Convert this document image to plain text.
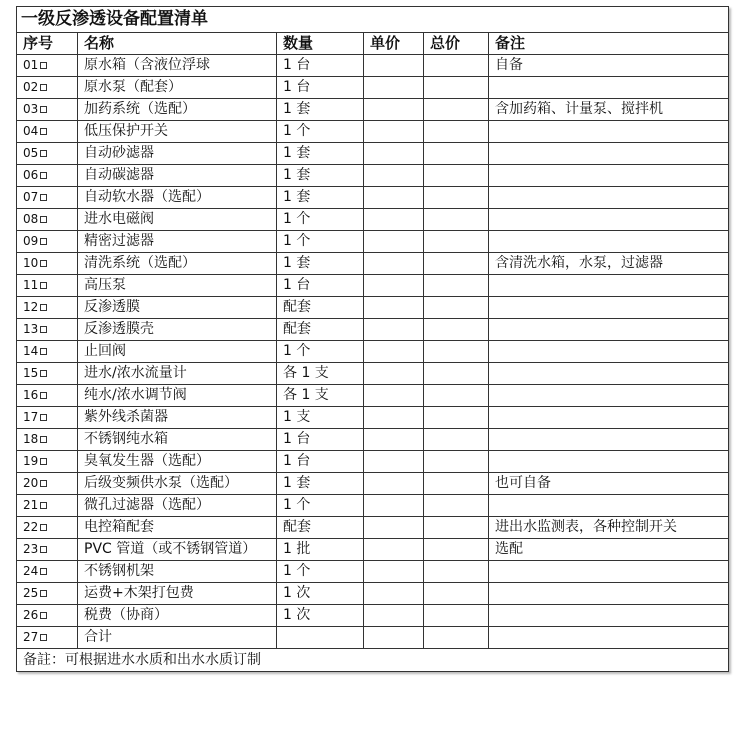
一级反渗透设备配置清单					
序号	名称	数量	单价	总价	备注
01	原水箱（含液位浮球	1 台			自备
02	原水泵（配套）	1 台			
03	加药系统（选配）	1 套			含加药箱、计量泵、搅拌机
04	低压保护开关	1 个			
05	自动砂滤器	1 套			
06	自动碳滤器	1 套			
07	自动软水器（选配）	1 套			
08	进水电磁阀	1 个			
09	精密过滤器	1 个			
10	清洗系统（选配）	1 套			含清洗水箱，水泵，过滤器
11	高压泵	1 台			
12	反渗透膜	配套			
13	反渗透膜壳	配套			
14	止回阀	1 个			
15	进水/浓水流量计	各 1 支			
16	纯水/浓水调节阀	各 1 支			
17	紫外线杀菌器	1 支			
18	不锈钢纯水箱	1 台			
19	臭氧发生器（选配）	1 台			
20	后级变频供水泵（选配）	1 套			也可自备
21	微孔过滤器（选配）	1 个			
22	电控箱配套	配套			进出水监测表，各种控制开关
23	PVC 管道（或不锈钢管道）	1 批			选配
24	不锈钢机架	1 个			
25	运费+木架打包费	1 次			
26	税费（协商）	1 次			
27	合计				
备註：可根据进水水质和出水水质订制					
